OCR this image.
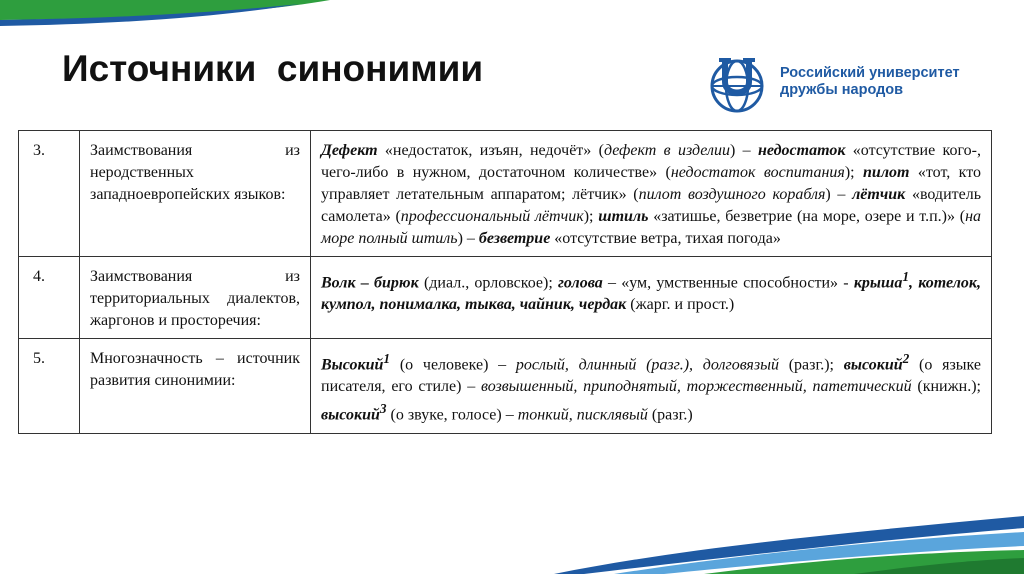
Источники  синонимии	Российский университет
дружбы народов
3.	Заимствования из неродственных западноевропейских языков:	Дефект «недостаток, изъян, недочёт» (дефект в изделии) – недостаток «отсутствие кого-, чего-либо в нужном, достаточном количестве» (недостаток воспитания); пилот «тот, кто управляет летательным аппаратом; лётчик» (пилот воздушного корабля) – лётчик «водитель самолета» (профессиональный лётчик); штиль «затишье, безветрие (на море, озере и т.п.)» (на море полный штиль) – безветрие «отсутствие ветра, тихая погода»
4.	Заимствования из территориальных диалектов, жаргонов и просторечия:	Волк – бирюк (диал., орловское); голова – «ум, умственные способности» - крыша$^1$, котелок, кумпол, понималка, тыква, чайник, чердак (жарг. и прост.)
5.	Многозначность – источник развития синонимии:	Высокий$^1$ (о человеке) – рослый, длинный (разг.), долговязый (разг.); высокий$^2$ (о языке писателя, его стиле) – возвышенный, приподнятый, торжественный, патетический (книжн.); высокий$^3$ (о звуке, голосе) – тонкий, писклявый (разг.)
